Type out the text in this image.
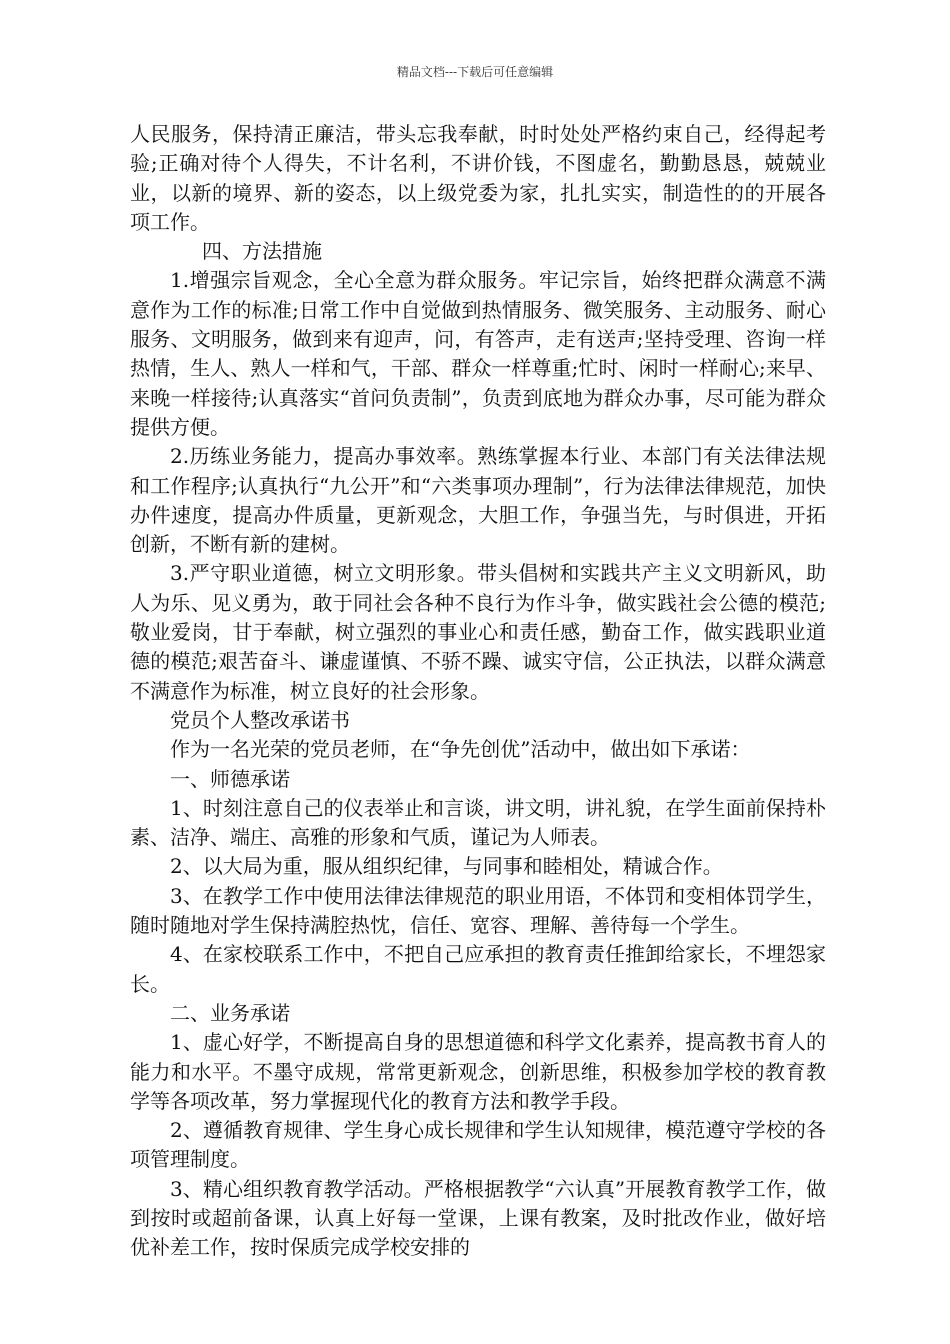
精品文档---下载后可任意编辑

人民服务，保持清正廉洁，带头忘我奉献，时时处处严格约束自己，经得起考验;正确对待个人得失，不计名利，不讲价钱，不图虚名，勤勤恳恳，兢兢业业，以新的境界、新的姿态，以上级党委为家，扎扎实实，制造性的的开展各项工作。

四、方法措施

1.增强宗旨观念，全心全意为群众服务。牢记宗旨，始终把群众满意不满意作为工作的标准;日常工作中自觉做到热情服务、微笑服务、主动服务、耐心服务、文明服务，做到来有迎声，问，有答声，走有送声;坚持受理、咨询一样热情，生人、熟人一样和气，干部、群众一样尊重;忙时、闲时一样耐心;来早、来晚一样接待;认真落实“首问负责制”，负责到底地为群众办事，尽可能为群众提供方便。

2.历练业务能力，提高办事效率。熟练掌握本行业、本部门有关法律法规和工作程序;认真执行“九公开”和“六类事项办理制”，行为法律法律规范，加快办件速度，提高办件质量，更新观念，大胆工作，争强当先，与时俱进，开拓创新，不断有新的建树。

3.严守职业道德，树立文明形象。带头倡树和实践共产主义文明新风，助人为乐、见义勇为，敢于同社会各种不良行为作斗争，做实践社会公德的模范;敬业爱岗，甘于奉献，树立强烈的事业心和责任感，勤奋工作，做实践职业道德的模范;艰苦奋斗、谦虚谨慎、不骄不躁、诚实守信，公正执法，以群众满意不满意作为标准，树立良好的社会形象。

党员个人整改承诺书

作为一名光荣的党员老师，在“争先创优”活动中，做出如下承诺：

一、师德承诺

1、时刻注意自己的仪表举止和言谈，讲文明，讲礼貌，在学生面前保持朴素、洁净、端庄、高雅的形象和气质，谨记为人师表。

2、以大局为重，服从组织纪律，与同事和睦相处，精诚合作。

3、在教学工作中使用法律法律规范的职业用语，不体罚和变相体罚学生，随时随地对学生保持满腔热忱，信任、宽容、理解、善待每一个学生。

4、在家校联系工作中，不把自己应承担的教育责任推卸给家长，不埋怨家长。

二、业务承诺

1、虚心好学，不断提高自身的思想道德和科学文化素养，提高教书育人的能力和水平。不墨守成规，常常更新观念，创新思维，积极参加学校的教育教学等各项改革，努力掌握现代化的教育方法和教学手段。

2、遵循教育规律、学生身心成长规律和学生认知规律，模范遵守学校的各项管理制度。

3、精心组织教育教学活动。严格根据教学“六认真”开展教育教学工作，做到按时或超前备课，认真上好每一堂课，上课有教案，及时批改作业，做好培优补差工作，按时保质完成学校安排的
